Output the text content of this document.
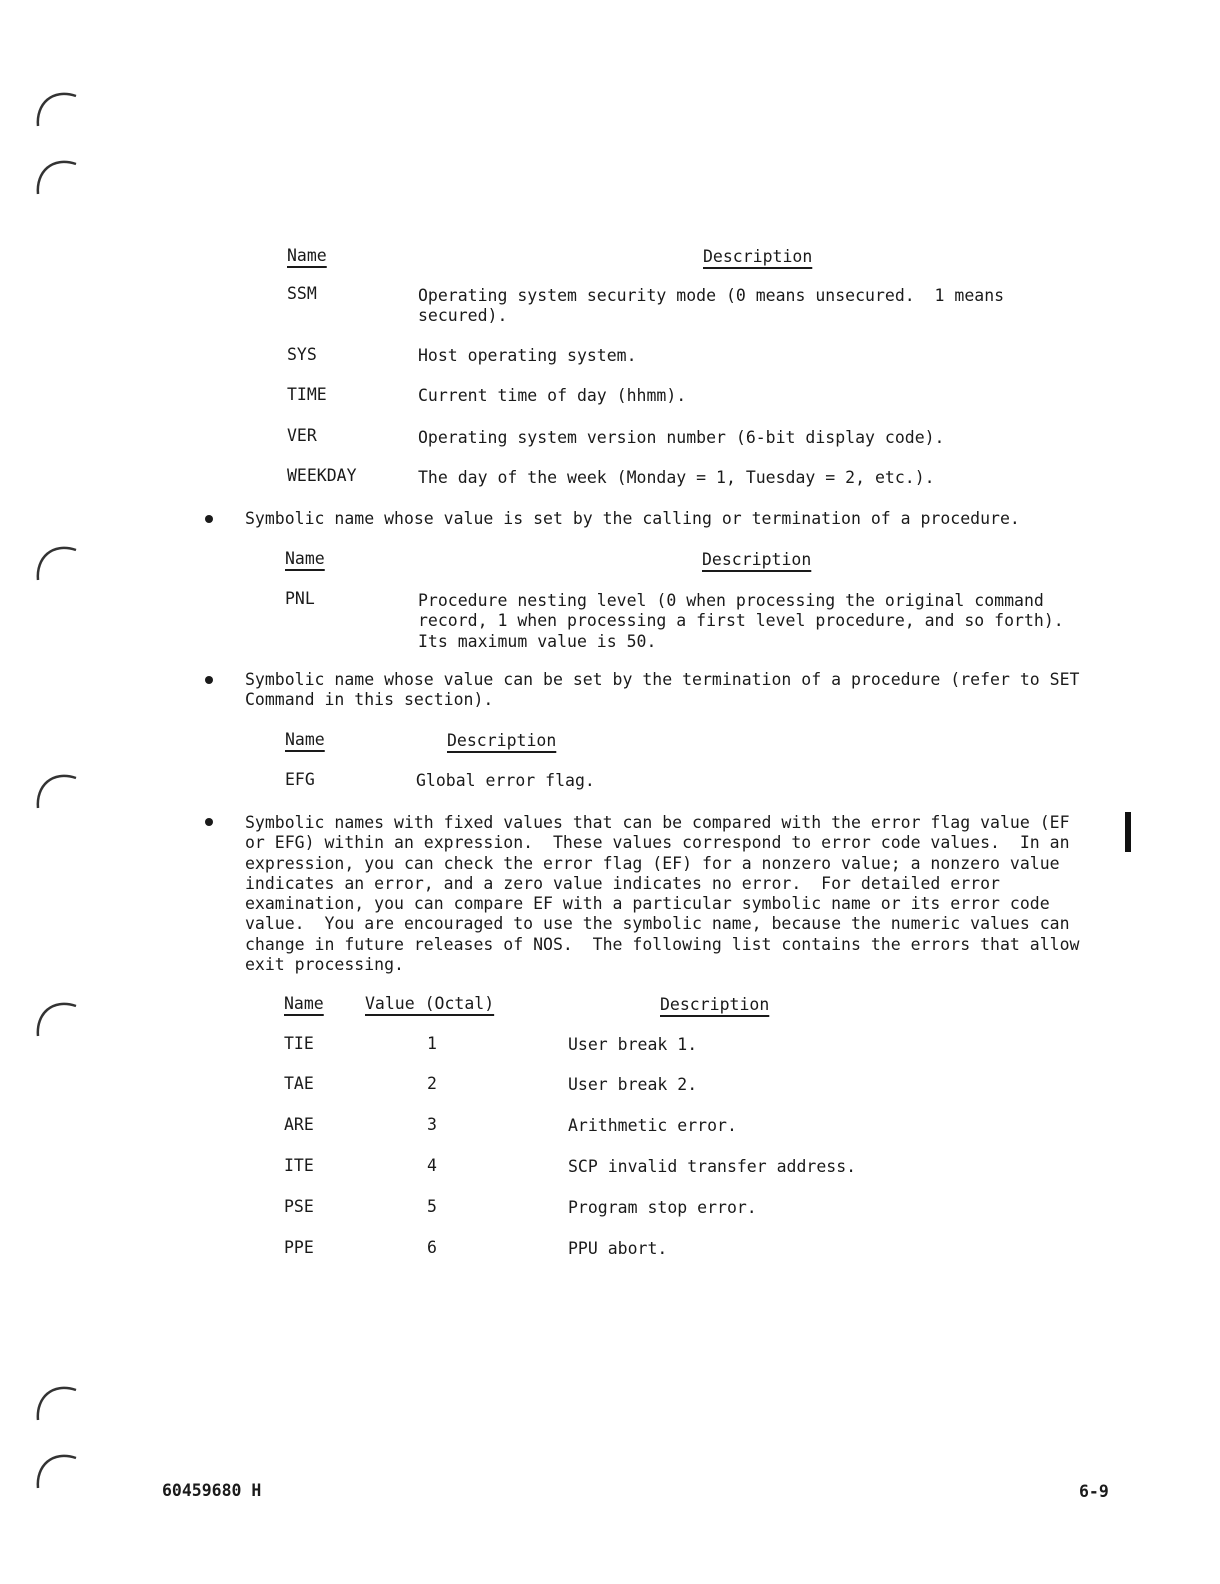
Name	Description
SSM	Operating system security mode (0 means unsecured.  1 means
secured).
SYS	Host operating system.
TIME	Current time of day (hhmm).
VER	Operating system version number (6-bit display code).
WEEKDAY	The day of the week (Monday = 1, Tuesday = 2, etc.).
Symbolic name whose value is set by the calling or termination of a procedure.
Name	Description
PNL	Procedure nesting level (0 when processing the original command
record, 1 when processing a first level procedure, and so forth).
Its maximum value is 50.
Symbolic name whose value can be set by the termination of a procedure (refer to SET
Command in this section).
Name	Description
EFG	Global error flag.
Symbolic names with fixed values that can be compared with the error flag value (EF
or EFG) within an expression.  These values correspond to error code values.  In an
expression, you can check the error flag (EF) for a nonzero value; a nonzero value
indicates an error, and a zero value indicates no error.  For detailed error
examination, you can compare EF with a particular symbolic name or its error code
value.  You are encouraged to use the symbolic name, because the numeric values can
change in future releases of NOS.  The following list contains the errors that allow
exit processing.
Name	Value (Octal)	Description
TIE	1	User break 1.
TAE	2	User break 2.
ARE	3	Arithmetic error.
ITE	4	SCP invalid transfer address.
PSE	5	Program stop error.
PPE	6	PPU abort.
60459680 H	6-9
